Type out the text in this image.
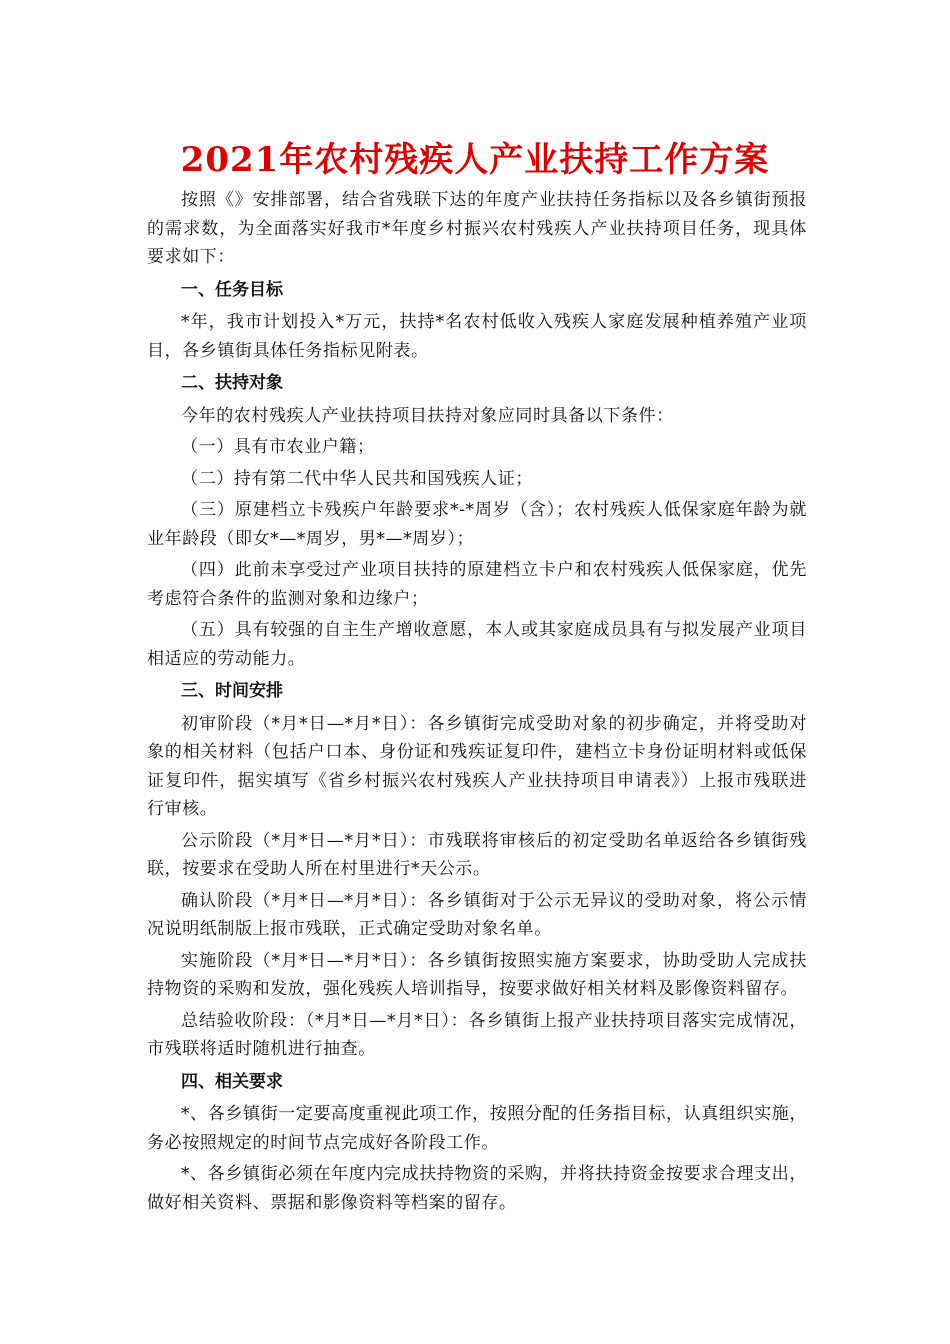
2021年农村残疾人产业扶持工作方案

按照《》安排部署，结合省残联下达的年度产业扶持任务指标以及各乡镇街预报的需求数，为全面落实好我市*年度乡村振兴农村残疾人产业扶持项目任务，现具体要求如下：

一、任务目标

*年，我市计划投入*万元，扶持*名农村低收入残疾人家庭发展种植养殖产业项目，各乡镇街具体任务指标见附表。

二、扶持对象

今年的农村残疾人产业扶持项目扶持对象应同时具备以下条件：

（一）具有市农业户籍；

（二）持有第二代中华人民共和国残疾人证；

（三）原建档立卡残疾户年龄要求*-*周岁（含）；农村残疾人低保家庭年龄为就业年龄段（即女*—*周岁，男*—*周岁）；

（四）此前未享受过产业项目扶持的原建档立卡户和农村残疾人低保家庭，优先考虑符合条件的监测对象和边缘户；

（五）具有较强的自主生产增收意愿，本人或其家庭成员具有与拟发展产业项目相适应的劳动能力。

三、时间安排

初审阶段（*月*日—*月*日）：各乡镇街完成受助对象的初步确定，并将受助对象的相关材料（包括户口本、身份证和残疾证复印件，建档立卡身份证明材料或低保证复印件，据实填写《省乡村振兴农村残疾人产业扶持项目申请表》）上报市残联进行审核。

公示阶段（*月*日—*月*日）：市残联将审核后的初定受助名单返给各乡镇街残联，按要求在受助人所在村里进行*天公示。

确认阶段（*月*日—*月*日）：各乡镇街对于公示无异议的受助对象，将公示情况说明纸制版上报市残联，正式确定受助对象名单。

实施阶段（*月*日—*月*日）：各乡镇街按照实施方案要求，协助受助人完成扶持物资的采购和发放，强化残疾人培训指导，按要求做好相关材料及影像资料留存。

总结验收阶段：（*月*日—*月*日）：各乡镇街上报产业扶持项目落实完成情况，市残联将适时随机进行抽查。

四、相关要求

*、各乡镇街一定要高度重视此项工作，按照分配的任务指目标，认真组织实施，务必按照规定的时间节点完成好各阶段工作。

*、各乡镇街必须在年度内完成扶持物资的采购，并将扶持资金按要求合理支出，做好相关资料、票据和影像资料等档案的留存。
